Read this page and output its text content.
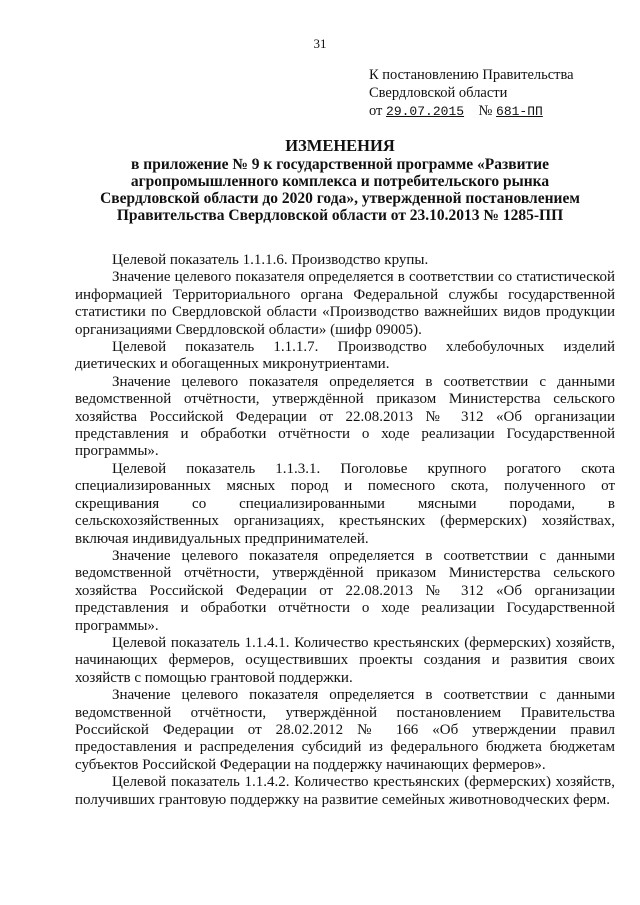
31
К постановлению Правительства
Свердловской области
от 29.07.2015 № 681-ПП
ИЗМЕНЕНИЯ
в приложение № 9 к государственной программе «Развитие агропромышленного комплекса и потребительского рынка Свердловской области до 2020 года», утвержденной постановлением Правительства Свердловской области от 23.10.2013 № 1285-ПП

Целевой показатель 1.1.1.6. Производство крупы.

Значение целевого показателя определяется в соответствии со статистической информацией Территориального органа Федеральной службы государственной статистики по Свердловской области «Производство важнейших видов продукции организациями Свердловской области» (шифр 09005).

Целевой показатель 1.1.1.7. Производство хлебобулочных изделий диетических и обогащенных микронутриентами.

Значение целевого показателя определяется в соответствии с данными ведомственной отчётности, утверждённой приказом Министерства сельского хозяйства Российской Федерации от 22.08.2013 № 312 «Об организации представления и обработки отчётности о ходе реализации Государственной программы».

Целевой показатель 1.1.3.1. Поголовье крупного рогатого скота специализированных мясных пород и помесного скота, полученного от скрещивания со специализированными мясными породами, в сельскохозяйственных организациях, крестьянских (фермерских) хозяйствах, включая индивидуальных предпринимателей.

Значение целевого показателя определяется в соответствии с данными ведомственной отчётности, утверждённой приказом Министерства сельского хозяйства Российской Федерации от 22.08.2013 № 312 «Об организации представления и обработки отчётности о ходе реализации Государственной программы».

Целевой показатель 1.1.4.1. Количество крестьянских (фермерских) хозяйств, начинающих фермеров, осуществивших проекты создания и развития своих хозяйств с помощью грантовой поддержки.

Значение целевого показателя определяется в соответствии с данными ведомственной отчётности, утверждённой постановлением Правительства Российской Федерации от 28.02.2012 № 166 «Об утверждении правил предоставления и распределения субсидий из федерального бюджета бюджетам субъектов Российской Федерации на поддержку начинающих фермеров».

Целевой показатель 1.1.4.2. Количество крестьянских (фермерских) хозяйств, получивших грантовую поддержку на развитие семейных животноводческих ферм.
